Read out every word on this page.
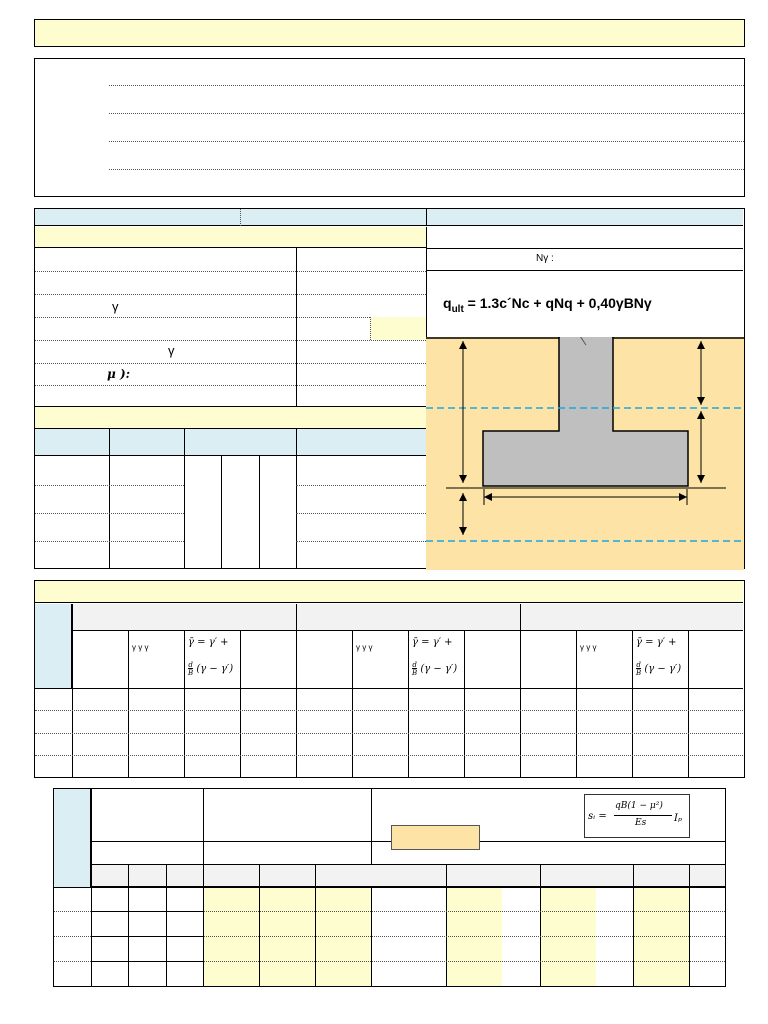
γ
γ
μ ):
Nγ :
$q_{ult}$ = 1.3c´Nc + qNq + 0,40γBNγ
γ γ γ	γ̄ = γ′ +
$\frac{d}{B} (\gamma - \gamma')$
γ γ γ	γ̄ = γ′ +
$\frac{d}{B} (\gamma - \gamma')$
γ γ γ	γ̄ = γ′ +
$\frac{d}{B} (\gamma - \gamma')$
sᵢ =
qB(1 − μ²)
Es	Iₚ
